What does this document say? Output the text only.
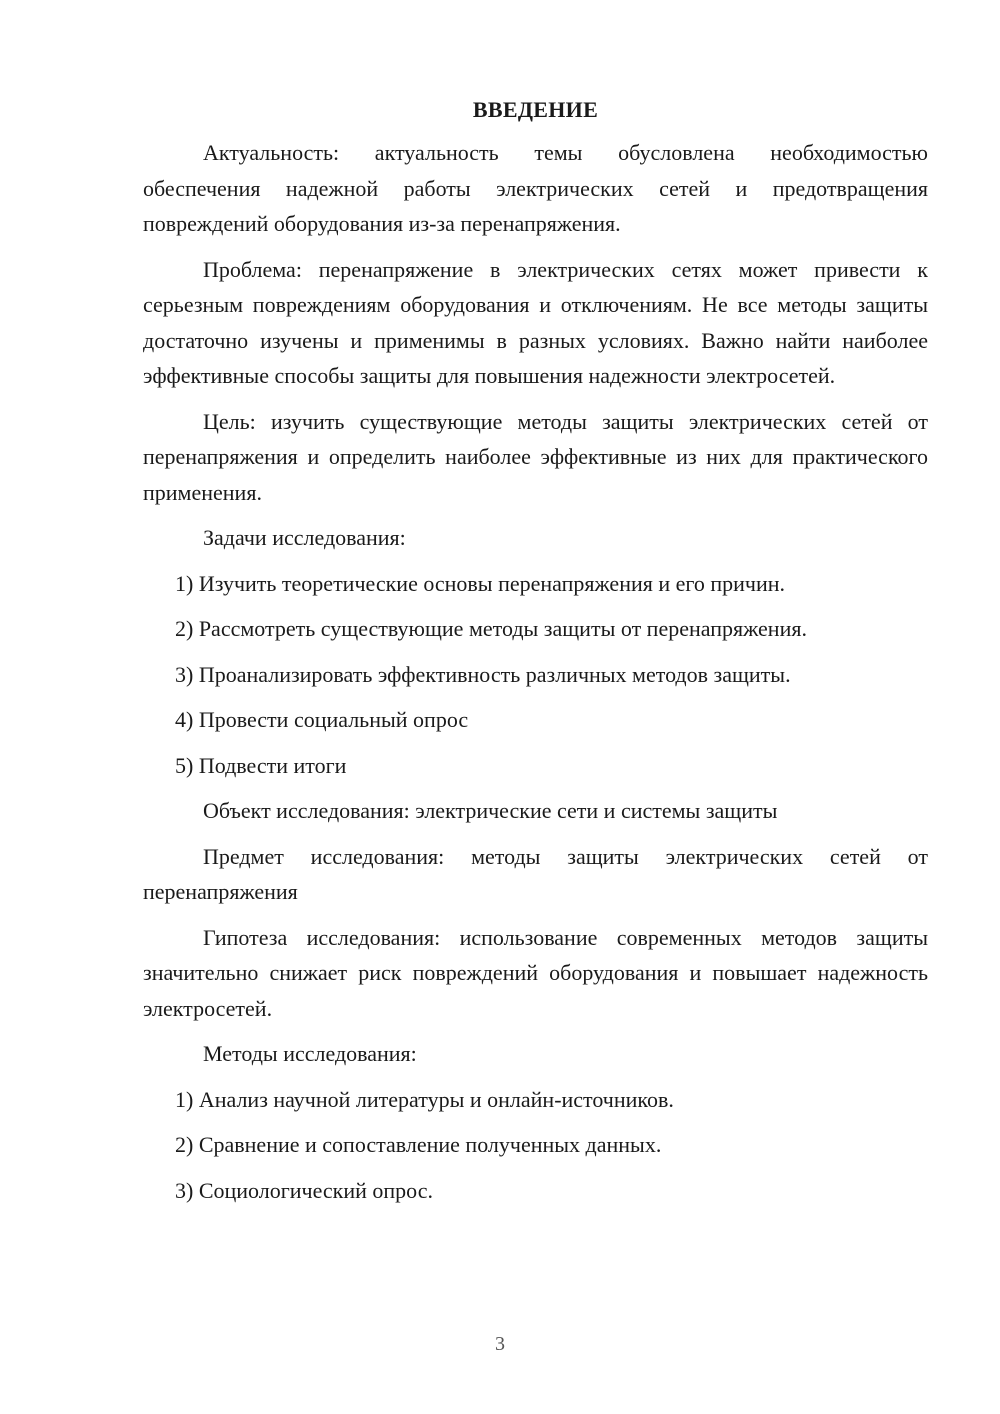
ВВЕДЕНИЕ

Актуальность: актуальность темы обусловлена необходимостью обеспечения надежной работы электрических сетей и предотвращения повреждений оборудования из-за перенапряжения.

Проблема: перенапряжение в электрических сетях может привести к серьезным повреждениям оборудования и отключениям. Не все методы защиты достаточно изучены и применимы в разных условиях. Важно найти наиболее эффективные способы защиты для повышения надежности электросетей.

Цель: изучить существующие методы защиты электрических сетей от перенапряжения и определить наиболее эффективные из них для практического применения.

Задачи исследования:
1) Изучить теоретические основы перенапряжения и его причин.
2) Рассмотреть существующие методы защиты от перенапряжения.
3) Проанализировать эффективность различных методов защиты.
4) Провести социальный опрос
5) Подвести итоги
Объект исследования: электрические сети и системы защиты

Предмет исследования: методы защиты электрических сетей от перенапряжения

Гипотеза исследования: использование современных методов защиты значительно снижает риск повреждений оборудования и повышает надежность электросетей.

Методы исследования:
1) Анализ научной литературы и онлайн-источников.
2) Сравнение и сопоставление полученных данных.
3) Социологический опрос.
3
